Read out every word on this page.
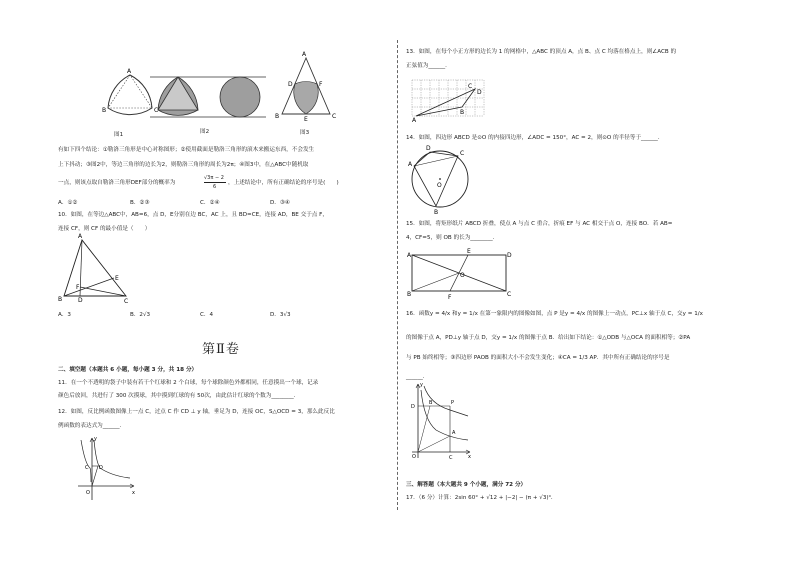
A
B	C
A
B	C
D
E
F
图1	图2	图3
有如下四个结论：①勒洛三角形是中心对称图形；②使用截面是勒洛三角形的滚木来搬运东西，不会发生
上下抖动；③图2中，等边三角形的边长为2，则勒洛三角形的周长为2π；④图3中，在△ABC中随机取
一点，则该点取自勒洛三角形DEF部分的概率为
√3π − 2
6
，上述结论中，所有正确结论的序号是(　　)
A．①②	B．②③	C．②④	D．③④
10．如图，在等边△ABC中，AB=6，点 D，E分别在边 BC，AC 上，且 BD=CE，连接 AD，BE 交于点 F，
连接 CF，则 CF 的最小值是（　　）
A
B	C
D
E
F
A．3	B．2√3	C．4	D．3√3
第Ⅱ卷
二、填空题（本题共 6 小题，每小题 3 分，共 18 分）
11．在一个不透明的袋子中装有若干个红球和 2 个白球，每个球除颜色外都相同，任意摸出一个球，记录
颜色后放回，共进行了 300 次摸球，其中摸到红球的有 50次，由此估计红球的个数为________.
12．如图，反比例函数图像上一点 C，过点 C 作 CD ⊥ y 轴，垂足为 D，连接 OC，S△OCD = 3，那么此反比
例函数的表达式为______.
y
x
O
C D
13．如图，在每个小正方形的边长为 1 的网格中，△ABC 的顶点 A，点 B、点 C 均落在格点上，则∠ACB 的
正弦值为______.
A
B
C
D
14．如图，四边形 ABCD 是⊙O 的内接四边形，∠ADC = 150°，AC = 2，则⊙O 的半径等于______.
A
B
C
D
O
15．如图，将矩形纸片 ABCD 折叠，使点 A 与点 C 重合，折痕 EF 与 AC 相交于点 O，连接 BO．若 AB=
4，CF=5，则 OB 的长为________.
A
B	C
D
E
F
O
16．函数y = 4/x 和y = 1/x 在第一象限内的图像如图，点 P 是y = 4/x 的图像上一动点，PC⊥x 轴于点 C，交y = 1/x
的图像于点 A，PD⊥y 轴于点 D，交y = 1/x 的图像于点 B．给出如下结论：①△ODB 与△OCA 的面积相等；②PA
与 PB 始终相等；③四边形 PAOB 的面积大小不会发生变化；④CA = 1/3 AP．其中所有正确结论的序号是
______.
y
x
O
D
B	P
A
C
三、解答题（本大题共 9 个小题，满分 72 分）
17．（6 分）计算：2sin 60° + √12 + |−2| − (π + √3)⁰．
